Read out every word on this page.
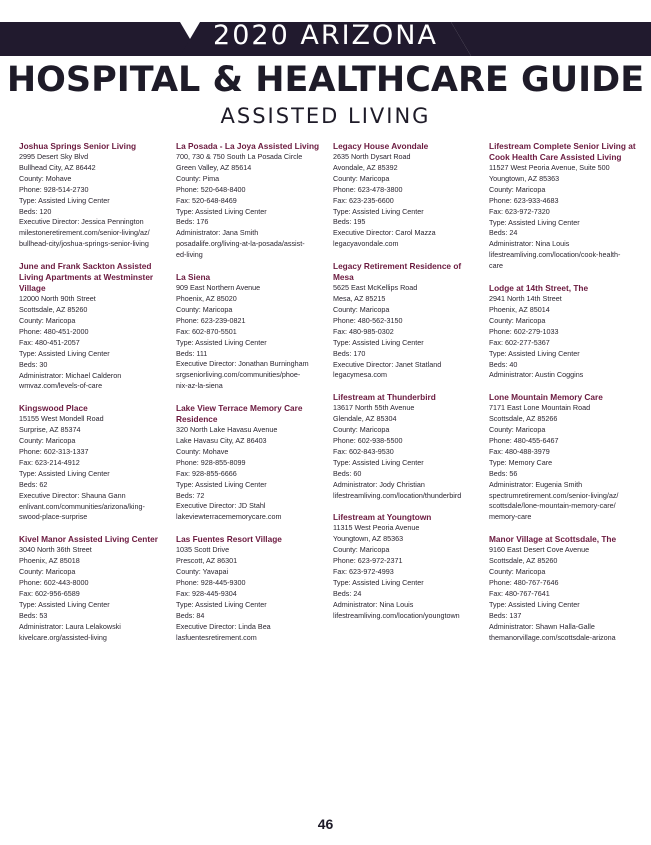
2020 ARIZONA
HOSPITAL & HEALTHCARE GUIDE
ASSISTED LIVING
Joshua Springs Senior Living
2995 Desert Sky Blvd
Bullhead City, AZ 86442
County: Mohave
Phone: 928-514-2730
Type: Assisted Living Center
Beds: 120
Executive Director: Jessica Pennington
milestoneretirement.com/senior-living/az/
bullhead-city/joshua-springs-senior-living
June and Frank Sackton Assisted Living Apartments at Westminster Village
12000 North 90th Street
Scottsdale, AZ 85260
County: Maricopa
Phone: 480-451-2000
Fax: 480-451-2057
Type: Assisted Living Center
Beds: 30
Administrator: Michael Calderon
wmvaz.com/levels-of-care
Kingswood Place
15155 West Mondell Road
Surprise, AZ 85374
County: Maricopa
Phone: 602-313-1337
Fax: 623-214-4912
Type: Assisted Living Center
Beds: 62
Executive Director: Shauna Gann
enlivant.com/communities/arizona/king-
swood-place-surprise
Kivel Manor Assisted Living Center
3040 North 36th Street
Phoenix, AZ 85018
County: Maricopa
Phone: 602-443-8000
Fax: 602-956-6589
Type: Assisted Living Center
Beds: 53
Administrator: Laura Lelakowski
kivelcare.org/assisted-living
La Posada - La Joya Assisted Living
700, 730 & 750 South La Posada Circle
Green Valley, AZ 85614
County: Pima
Phone: 520-648-8400
Fax: 520-648-8469
Type: Assisted Living Center
Beds: 176
Administrator: Jana Smith
posadalife.org/living-at-la-posada/assist-
ed-living
La Siena
909 East Northern Avenue
Phoenix, AZ 85020
County: Maricopa
Phone: 623-239-0821
Fax: 602-870-5501
Type: Assisted Living Center
Beds: 111
Executive Director: Jonathan Burningham
srgseniorliving.com/communities/phoe-
nix-az-la-siena
Lake View Terrace Memory Care Residence
320 North Lake Havasu Avenue
Lake Havasu City, AZ 86403
County: Mohave
Phone: 928-855-8099
Fax: 928-855-6666
Type: Assisted Living Center
Beds: 72
Executive Director: JD Stahl
lakeviewterracememorycare.com
Las Fuentes Resort Village
1035 Scott Drive
Prescott, AZ 86301
County: Yavapai
Phone: 928-445-9300
Fax: 928-445-9304
Type: Assisted Living Center
Beds: 84
Executive Director: Linda Bea
lasfuentesretirement.com
Legacy House Avondale
2635 North Dysart Road
Avondale, AZ 85392
County: Maricopa
Phone: 623-478-3800
Fax: 623-235-6600
Type: Assisted Living Center
Beds: 195
Executive Director: Carol Mazza
legacyavondale.com
Legacy Retirement Residence of Mesa
5625 East McKellips Road
Mesa, AZ 85215
County: Maricopa
Phone: 480-562-3150
Fax: 480-985-0302
Type: Assisted Living Center
Beds: 170
Executive Director: Janet Statland
legacymesa.com
Lifestream at Thunderbird
13617 North 55th Avenue
Glendale, AZ 85304
County: Maricopa
Phone: 602-938-5500
Fax: 602-843-9530
Type: Assisted Living Center
Beds: 60
Administrator: Jody Christian
lifestreamliving.com/location/thunderbird
Lifestream at Youngtown
11315 West Peoria Avenue
Youngtown, AZ 85363
County: Maricopa
Phone: 623-972-2371
Fax: 623-972-4993
Type: Assisted Living Center
Beds: 24
Administrator: Nina Louis
lifestreamliving.com/location/youngtown
Lifestream Complete Senior Living at Cook Health Care Assisted Living
11527 West Peoria Avenue, Suite 500
Youngtown, AZ 85363
County: Maricopa
Phone: 623-933-4683
Fax: 623-972-7320
Type: Assisted Living Center
Beds: 24
Administrator: Nina Louis
lifestreamliving.com/location/cook-health-
care
Lodge at 14th Street, The
2941 North 14th Street
Phoenix, AZ 85014
County: Maricopa
Phone: 602-279-1033
Fax: 602-277-5367
Type: Assisted Living Center
Beds: 40
Administrator: Austin Coggins
Lone Mountain Memory Care
7171 East Lone Mountain Road
Scottsdale, AZ 85266
County: Maricopa
Phone: 480-455-6467
Fax: 480-488-3979
Type: Memory Care
Beds: 56
Administrator: Eugenia Smith
spectrumretirement.com/senior-living/az/
scottsdale/lone-mountain-memory-care/
memory-care
Manor Village at Scottsdale, The
9160 East Desert Cove Avenue
Scottsdale, AZ 85260
County: Maricopa
Phone: 480-767-7646
Fax: 480-767-7641
Type: Assisted Living Center
Beds: 137
Administrator: Shawn Halla-Galle
themanorvillage.com/scottsdale-arizona
46
